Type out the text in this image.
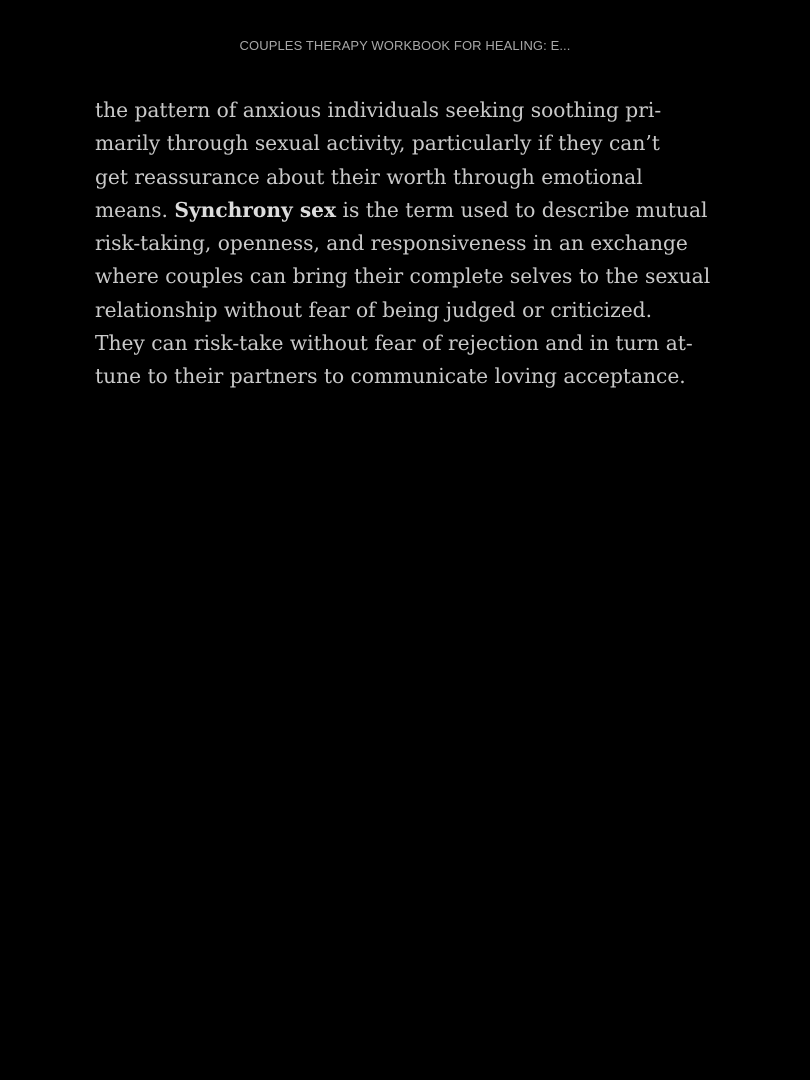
COUPLES THERAPY WORKBOOK FOR HEALING: E...
the pattern of anxious individuals seeking soothing pri-
marily through sexual activity, particularly if they can’t
get reassurance about their worth through emotional
means. Synchrony sex is the term used to describe mutual
risk-taking, openness, and responsiveness in an exchange
where couples can bring their complete selves to the sexual
relationship without fear of being judged or criticized.
They can risk-take without fear of rejection and in turn at-
tune to their partners to communicate loving acceptance.
